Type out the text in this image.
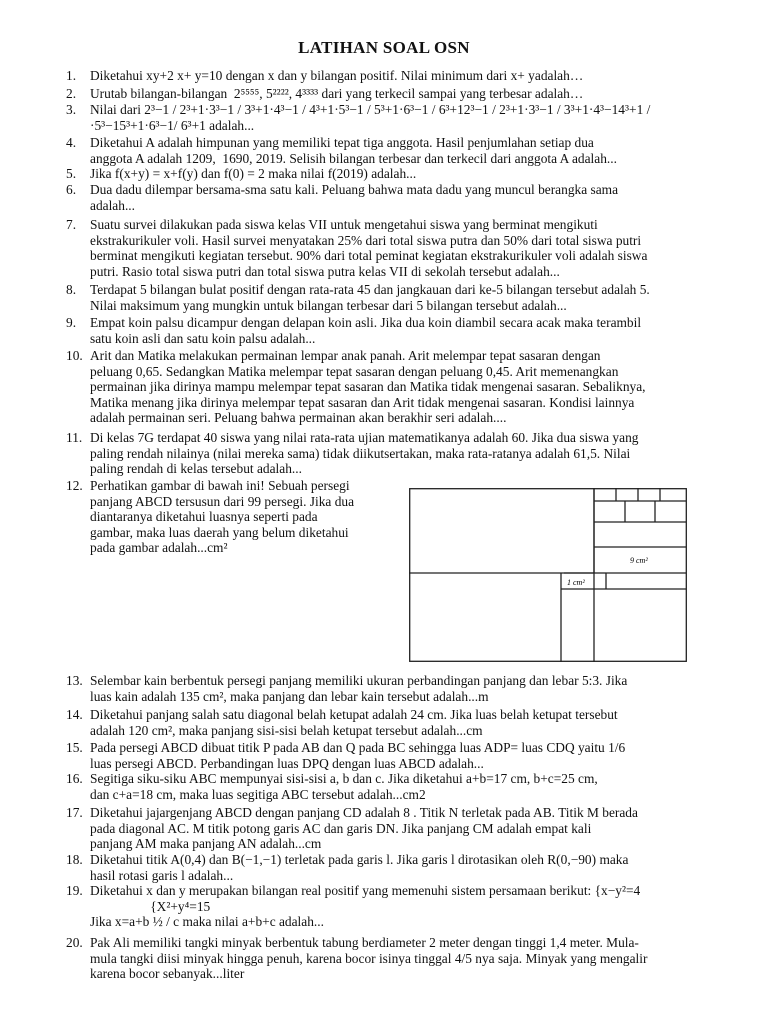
LATIHAN SOAL OSN
1. Diketahui xy+2 x+ y=10 dengan x dan y bilangan positif. Nilai minimum dari x+ yadalah…

2. Urutab bilangan-bilangan  2⁵⁵⁵⁵, 5²²²², 4³³³³ dari yang terkecil sampai yang terbesar adalah…

3. Nilai dari 2³−1 / 2³+1·3³−1 / 3³+1·4³−1 / 4³+1·5³−1 / 5³+1·6³−1 / 6³+12³−1 / 2³+1·3³−1 / 3³+1·4³−14³+1 /

·5³−15³+1·6³−1/ 6³+1 adalah...

4. Diketahui A adalah himpunan yang memiliki tepat tiga anggota. Hasil penjumlahan setiap dua

anggota A adalah 1209,  1690, 2019. Selisih bilangan terbesar dan terkecil dari anggota A adalah...

5. Jika f(x+y) = x+f(y) dan f(0) = 2 maka nilai f(2019) adalah...

6. Dua dadu dilempar bersama-sma satu kali. Peluang bahwa mata dadu yang muncul berangka sama

adalah...

7. Suatu survei dilakukan pada siswa kelas VII untuk mengetahui siswa yang berminat mengikuti

ekstrakurikuler voli. Hasil survei menyatakan 25% dari total siswa putra dan 50% dari total siswa putri

berminat mengikuti kegiatan tersebut. 90% dari total peminat kegiatan ekstrakurikuler voli adalah siswa

putri. Rasio total siswa putri dan total siswa putra kelas VII di sekolah tersebut adalah...

8. Terdapat 5 bilangan bulat positif dengan rata-rata 45 dan jangkauan dari ke-5 bilangan tersebut adalah 5.

Nilai maksimum yang mungkin untuk bilangan terbesar dari 5 bilangan tersebut adalah...

9. Empat koin palsu dicampur dengan delapan koin asli. Jika dua koin diambil secara acak maka terambil

satu koin asli dan satu koin palsu adalah...

10. Arit dan Matika melakukan permainan lempar anak panah. Arit melempar tepat sasaran dengan

peluang 0,65. Sedangkan Matika melempar tepat sasaran dengan peluang 0,45. Arit memenangkan

permainan jika dirinya mampu melempar tepat sasaran dan Matika tidak mengenai sasaran. Sebaliknya,

Matika menang jika dirinya melempar tepat sasaran dan Arit tidak mengenai sasaran. Kondisi lainnya

adalah permainan seri. Peluang bahwa permainan akan berakhir seri adalah....

11. Di kelas 7G terdapat 40 siswa yang nilai rata-rata ujian matematikanya adalah 60. Jika dua siswa yang

paling rendah nilainya (nilai mereka sama) tidak diikutsertakan, maka rata-ratanya adalah 61,5. Nilai

paling rendah di kelas tersebut adalah...

12. Perhatikan gambar di bawah ini! Sebuah persegi

panjang ABCD tersusun dari 99 persegi. Jika dua

diantaranya diketahui luasnya seperti pada

gambar, maka luas daerah yang belum diketahui

pada gambar adalah...cm²

13. Selembar kain berbentuk persegi panjang memiliki ukuran perbandingan panjang dan lebar 5:3. Jika

luas kain adalah 135 cm², maka panjang dan lebar kain tersebut adalah...m

14. Diketahui panjang salah satu diagonal belah ketupat adalah 24 cm. Jika luas belah ketupat tersebut

adalah 120 cm², maka panjang sisi-sisi belah ketupat tersebut adalah...cm

15. Pada persegi ABCD dibuat titik P pada AB dan Q pada BC sehingga luas ADP= luas CDQ yaitu 1/6

luas persegi ABCD. Perbandingan luas DPQ dengan luas ABCD adalah...

16. Segitiga siku-siku ABC mempunyai sisi-sisi a, b dan c. Jika diketahui a+b=17 cm, b+c=25 cm,

dan c+a=18 cm, maka luas segitiga ABC tersebut adalah...cm2

17. Diketahui jajargenjang ABCD dengan panjang CD adalah 8 . Titik N terletak pada AB. Titik M berada

pada diagonal AC. M titik potong garis AC dan garis DN. Jika panjang CM adalah empat kali

panjang AM maka panjang AN adalah...cm

18. Diketahui titik A(0,4) dan B(−1,−1) terletak pada garis l. Jika garis l dirotasikan oleh R(0,−90) maka

hasil rotasi garis l adalah...

19. Diketahui x dan y merupakan bilangan real positif yang memenuhi sistem persamaan berikut: {x−y²=4

{X²+y⁴=15

Jika x=a+b ½ / c maka nilai a+b+c adalah...

20. Pak Ali memiliki tangki minyak berbentuk tabung berdiameter 2 meter dengan tinggi 1,4 meter. Mula-

mula tangki diisi minyak hingga penuh, karena bocor isinya tinggal 4/5 nya saja. Minyak yang mengalir

karena bocor sebanyak...liter

9 cm²
1 cm²
